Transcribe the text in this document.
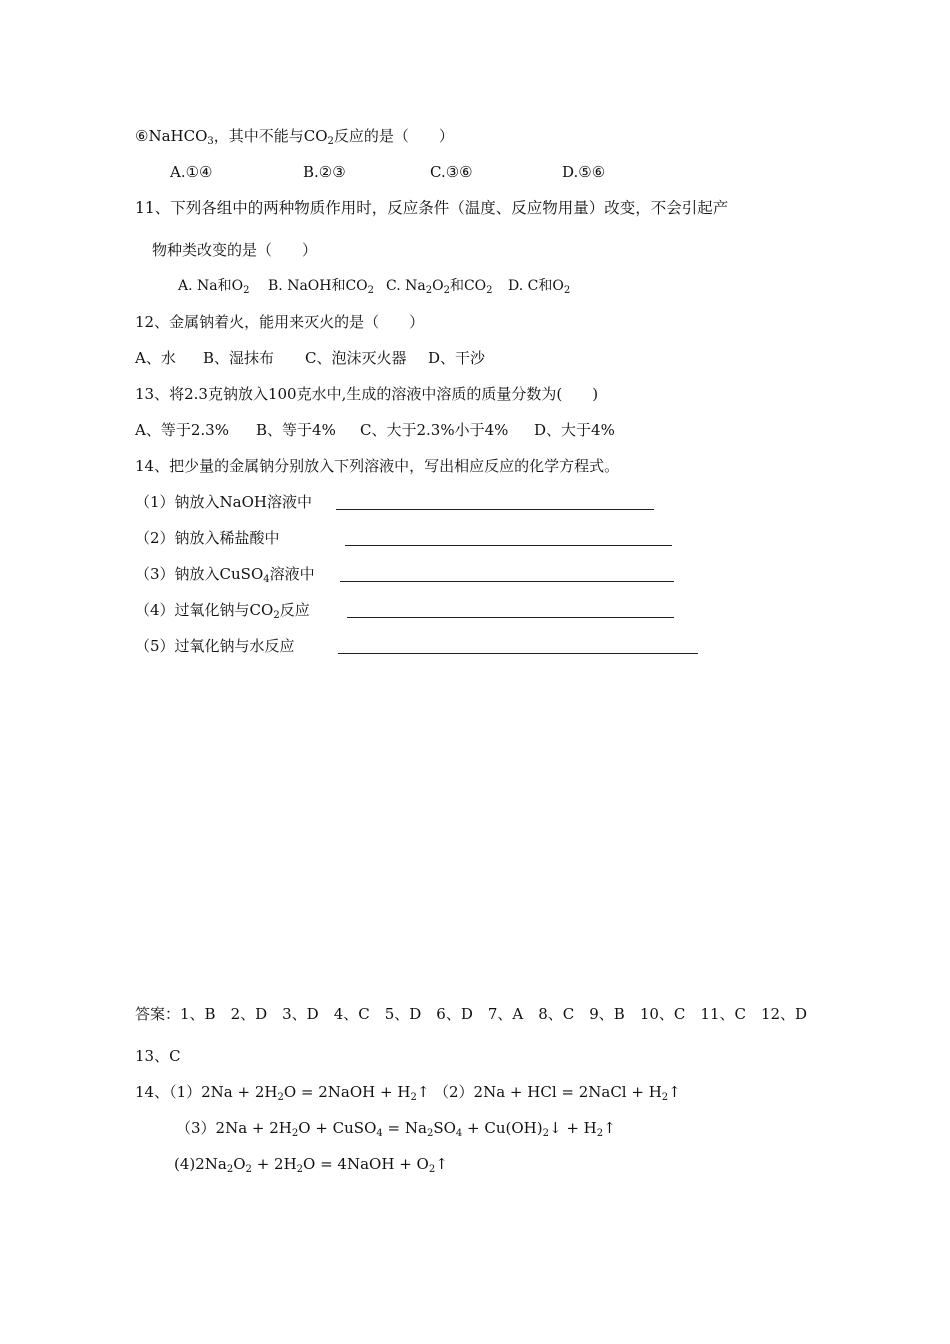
⑥NaHCO$_3$，其中不能与$CO_2$反应的是（　　）
A.①④	B.②③	C.③⑥	D.⑤⑥
11、下列各组中的两种物质作用时，反应条件（温度、反应物用量）改变，不会引起产
物种类改变的是（　　）
A. Na和$O_2$ B. NaOH和$CO_2$ C. $Na_2O_2$和$CO_2$ D. C和$O_2$
12、金属钠着火，能用来灭火的是（　　）
A、水 B、湿抹布 C、泡沫灭火器 D、干沙
13、将2.3克钠放入100克水中,生成的溶液中溶质的质量分数为(　　)
A、等于2.3% B、等于4% C、大于2.3%小于4% D、大于4%
14、把少量的金属钠分别放入下列溶液中，写出相应反应的化学方程式。
（1）钠放入NaOH溶液中
（2）钠放入稀盐酸中
（3）钠放入CuSO$_4$溶液中
（4）过氧化钠与$CO_2$反应
（5）过氧化钠与水反应
答案：1、B　2、D　3、D　4、C　5、D　6、D　7、A　8、C　9、B　10、C　11、C　12、D
13、C
14、$(1)2Na + 2H_2O$ = 2NaOH + $H_2↑$ （2）2Na + HCl = 2NaCl + $H_2↑$
$(3)2Na + 2H_2O$ + CuSO$_4$ = $Na_2SO_4$ + $Cu(OH)_2↓$ + $H_2↑$
$(4)2Na_2O_2 + 2H_2O$ = 4NaOH + $O_2↑$
